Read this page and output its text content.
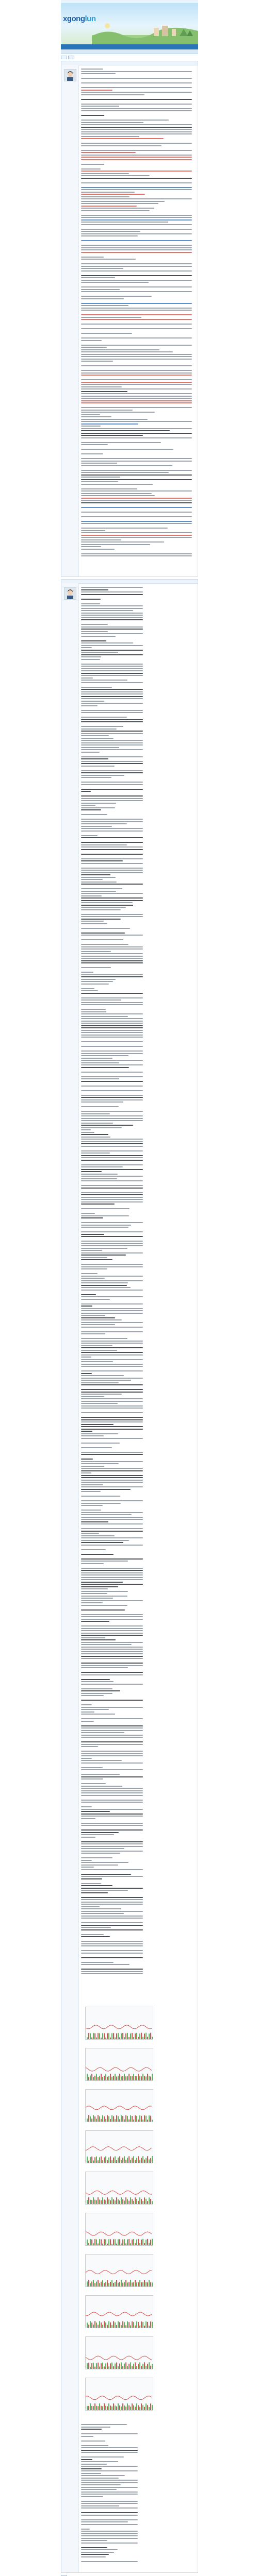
xgonglun
